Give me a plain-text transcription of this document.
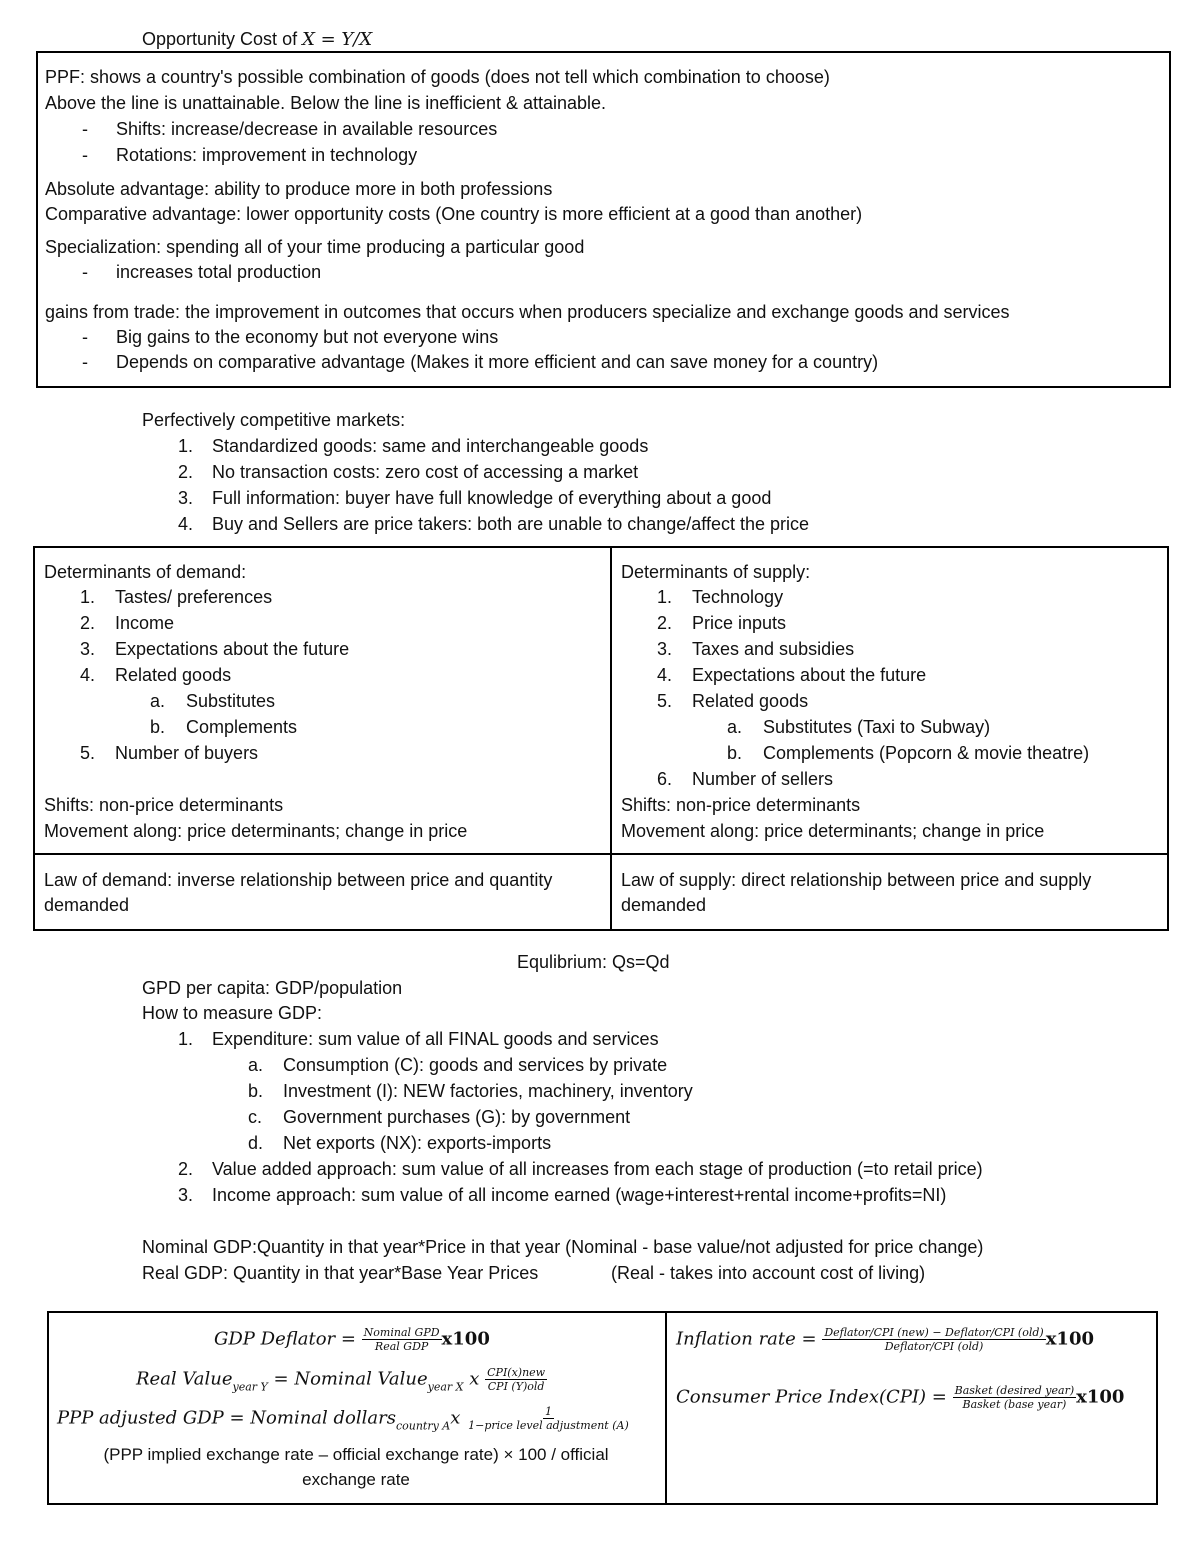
Opportunity Cost of X = Y/X
PPF: shows a country's possible combination of goods (does not tell which combination to choose)
Above the line is unattainable. Below the line is inefficient & attainable.
- Shifts: increase/decrease in available resources
- Rotations: improvement in technology
Absolute advantage: ability to produce more in both professions
Comparative advantage: lower opportunity costs (One country is more efficient at a good than another)
Specialization: spending all of your time producing a particular good
- increases total production
gains from trade: the improvement in outcomes that occurs when producers specialize and exchange goods and services
- Big gains to the economy but not everyone wins
- Depends on comparative advantage (Makes it more efficient and can save money for a country)
Perfectively competitive markets:
1. Standardized goods: same and interchangeable goods
2. No transaction costs: zero cost of accessing a market
3. Full information: buyer have full knowledge of everything about a good
4. Buy and Sellers are price takers: both are unable to change/affect the price
Determinants of demand:
1. Tastes/ preferences
2. Income
3. Expectations about the future
4. Related goods
a. Substitutes
b. Complements
5. Number of buyers
Shifts: non-price determinants
Movement along: price determinants; change in price
Law of demand: inverse relationship between price and quantity
demanded
Determinants of supply:
1. Technology
2. Price inputs
3. Taxes and subsidies
4. Expectations about the future
5. Related goods
a. Substitutes (Taxi to Subway)
b. Complements (Popcorn & movie theatre)
6. Number of sellers
Shifts: non-price determinants
Movement along: price determinants; change in price
Law of supply: direct relationship between price and supply
demanded
Equlibrium: Qs=Qd
GPD per capita: GDP/population
How to measure GDP:
1. Expenditure: sum value of all FINAL goods and services
a. Consumption (C): goods and services by private
b. Investment (I): NEW factories, machinery, inventory
c. Government purchases (G): by government
d. Net exports (NX): exports-imports
2. Value added approach: sum value of all increases from each stage of production (=to retail price)
3. Income approach: sum value of all income earned (wage+interest+rental income+profits=NI)
Nominal GDP:Quantity in that year*Price in that year (Nominal - base value/not adjusted for price change)
Real GDP: Quantity in that year*Base Year Prices	(Real - takes into account cost of living)
GDP Deflator = $\frac{\text{Nominal GPD}}{\text{Real GDP}} x100$
Real Value$_{year Y}$ = Nominal Value$_{year X}$ x $\frac{\text{CPI(x)new}}{\text{CPI (Y)old}}$
PPP adjusted GDP = Nominal dollars$_{country A}$x $\frac{1}{\text{1−price level adjustment (A)}}$
(PPP implied exchange rate – official exchange rate) × 100 / official
exchange rate
Inflation rate = $\frac{\text{Deflator/CPI (new) − Deflator/CPI (old)}}{\text{Deflator/CPI (old)}} x100$
Consumer Price Index(CPI) = $\frac{\text{Basket (desired year)}}{\text{Basket (base year)}} x100$
